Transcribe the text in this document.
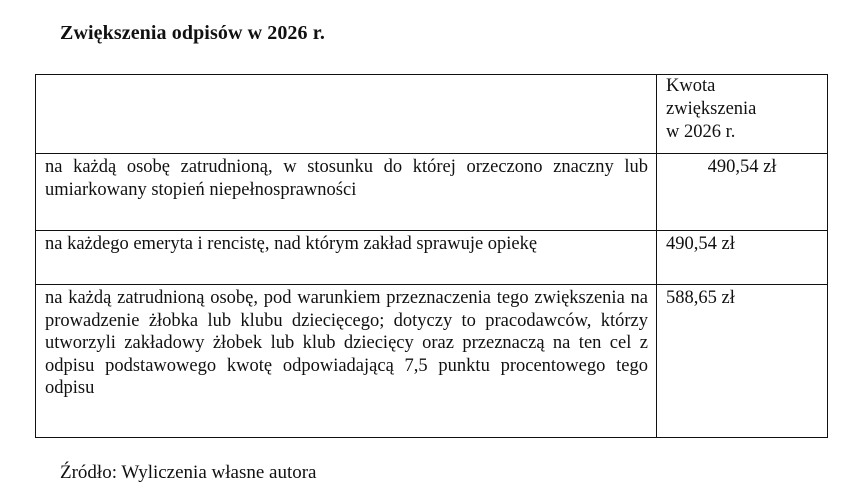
Zwiększenia odpisów w 2026 r.

	Kwota
zwiększenia
w 2026 r.

na każdą osobę zatrudnioną, w stosunku do której orzeczono znaczny lub umiarkowany stopień niepełnosprawności	490,54 zł
na każdego emeryta i rencistę, nad którym zakład sprawuje opiekę	490,54 zł
na każdą zatrudnioną osobę, pod warunkiem przeznaczenia tego zwiększenia na prowadzenie żłobka lub klubu dziecięcego; dotyczy to pracodawców, którzy utworzyli zakładowy żłobek lub klub dziecięcy oraz przeznaczą na ten cel z odpisu podstawowego kwotę odpowiadającą 7,5 punktu procentowego tego odpisu	588,65 zł
Źródło: Wyliczenia własne autora
